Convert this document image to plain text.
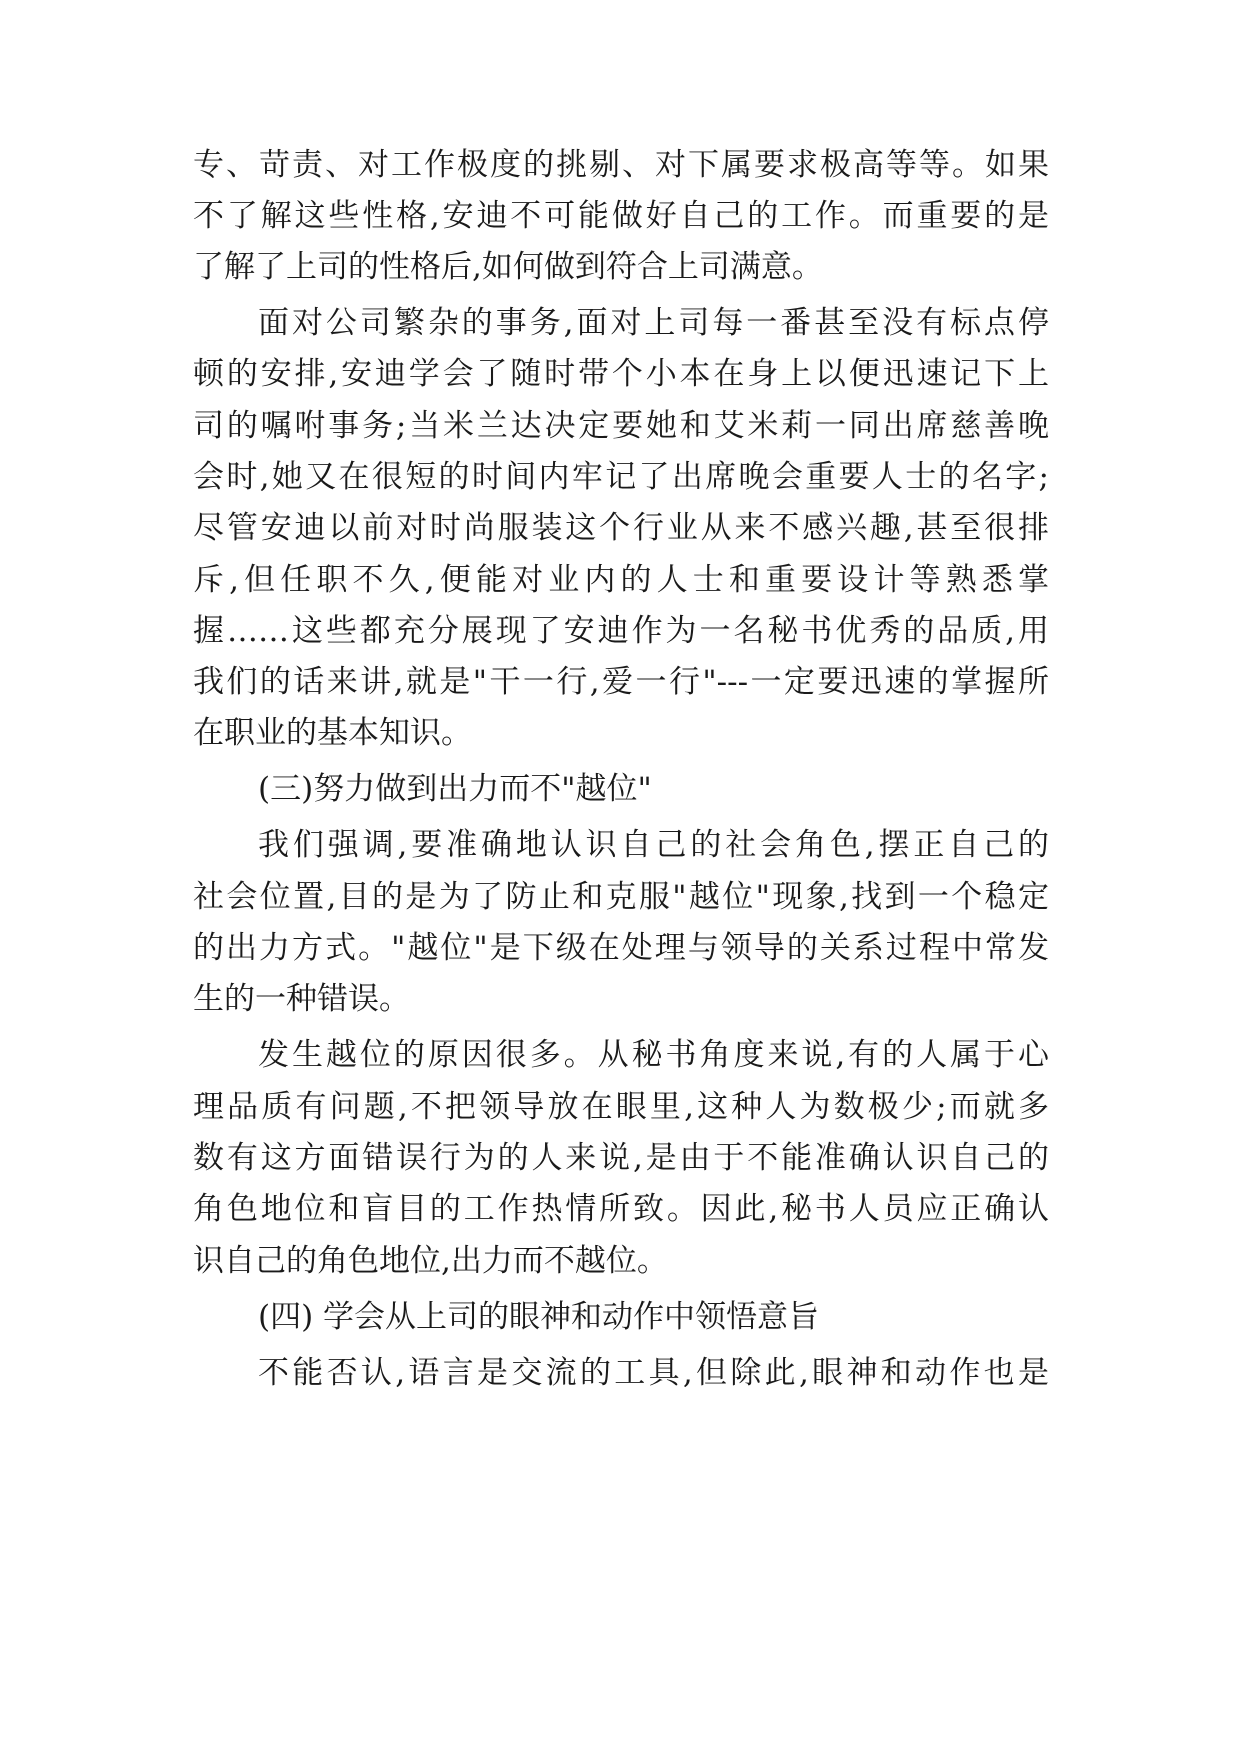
专、苛责、对工作极度的挑剔、对下属要求极高等等。如果
不了解这些性格,安迪不可能做好自己的工作。而重要的是
了解了上司的性格后,如何做到符合上司满意。
面对公司繁杂的事务,面对上司每一番甚至没有标点停
顿的安排,安迪学会了随时带个小本在身上以便迅速记下上
司的嘱咐事务;当米兰达决定要她和艾米莉一同出席慈善晚
会时,她又在很短的时间内牢记了出席晚会重要人士的名字;
尽管安迪以前对时尚服装这个行业从来不感兴趣,甚至很排
斥,但任职不久,便能对业内的人士和重要设计等熟悉掌
握……这些都充分展现了安迪作为一名秘书优秀的品质,用
我们的话来讲,就是"干一行,爱一行"---一定要迅速的掌握所
在职业的基本知识。
(三)努力做到出力而不"越位"
我们强调,要准确地认识自己的社会角色,摆正自己的
社会位置,目的是为了防止和克服"越位"现象,找到一个稳定
的出力方式。"越位"是下级在处理与领导的关系过程中常发
生的一种错误。
发生越位的原因很多。从秘书角度来说,有的人属于心
理品质有问题,不把领导放在眼里,这种人为数极少;而就多
数有这方面错误行为的人来说,是由于不能准确认识自己的
角色地位和盲目的工作热情所致。因此,秘书人员应正确认
识自己的角色地位,出力而不越位。
(四) 学会从上司的眼神和动作中领悟意旨
不能否认,语言是交流的工具,但除此,眼神和动作也是
